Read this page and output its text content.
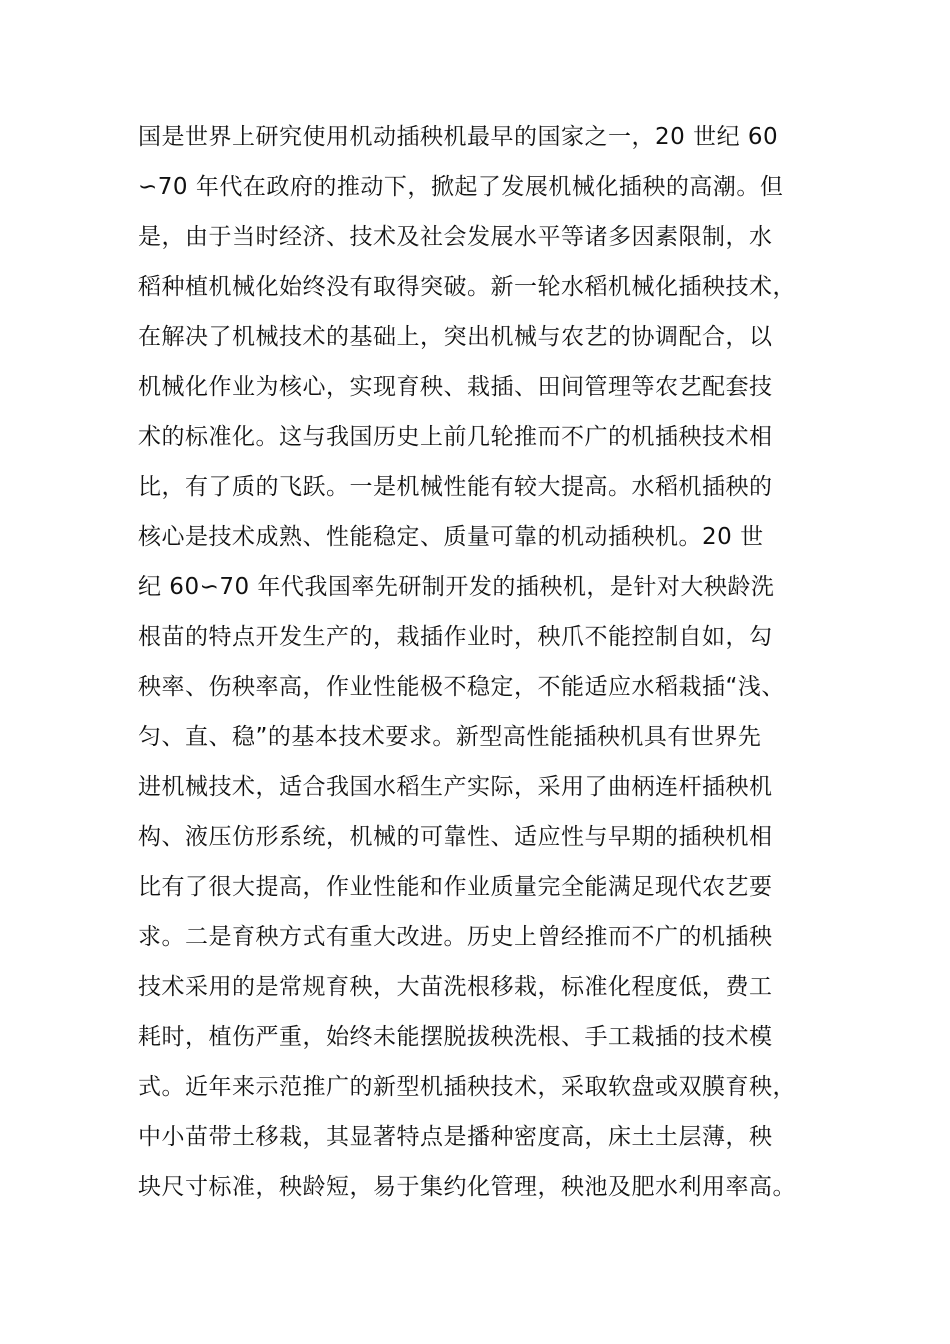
国是世界上研究使用机动插秧机最早的国家之一，20 世纪 60
∽70 年代在政府的推动下，掀起了发展机械化插秧的高潮。但
是，由于当时经济、技术及社会发展水平等诸多因素限制，水
稻种植机械化始终没有取得突破。新一轮水稻机械化插秧技术，
在解决了机械技术的基础上，突出机械与农艺的协调配合，以
机械化作业为核心，实现育秧、栽插、田间管理等农艺配套技
术的标准化。这与我国历史上前几轮推而不广的机插秧技术相
比，有了质的飞跃。一是机械性能有较大提高。水稻机插秧的
核心是技术成熟、性能稳定、质量可靠的机动插秧机。20 世
纪 60∽70 年代我国率先研制开发的插秧机，是针对大秧龄洗
根苗的特点开发生产的，栽插作业时，秧爪不能控制自如，勾
秧率、伤秧率高，作业性能极不稳定，不能适应水稻栽插“浅、
匀、直、稳”的基本技术要求。新型高性能插秧机具有世界先
进机械技术，适合我国水稻生产实际，采用了曲柄连杆插秧机
构、液压仿形系统，机械的可靠性、适应性与早期的插秧机相
比有了很大提高，作业性能和作业质量完全能满足现代农艺要
求。二是育秧方式有重大改进。历史上曾经推而不广的机插秧
技术采用的是常规育秧，大苗洗根移栽，标准化程度低，费工
耗时，植伤严重，始终未能摆脱拔秧洗根、手工栽插的技术模
式。近年来示范推广的新型机插秧技术，采取软盘或双膜育秧，
中小苗带土移栽，其显著特点是播种密度高，床土土层薄，秧
块尺寸标准，秧龄短，易于集约化管理，秧池及肥水利用率高。
